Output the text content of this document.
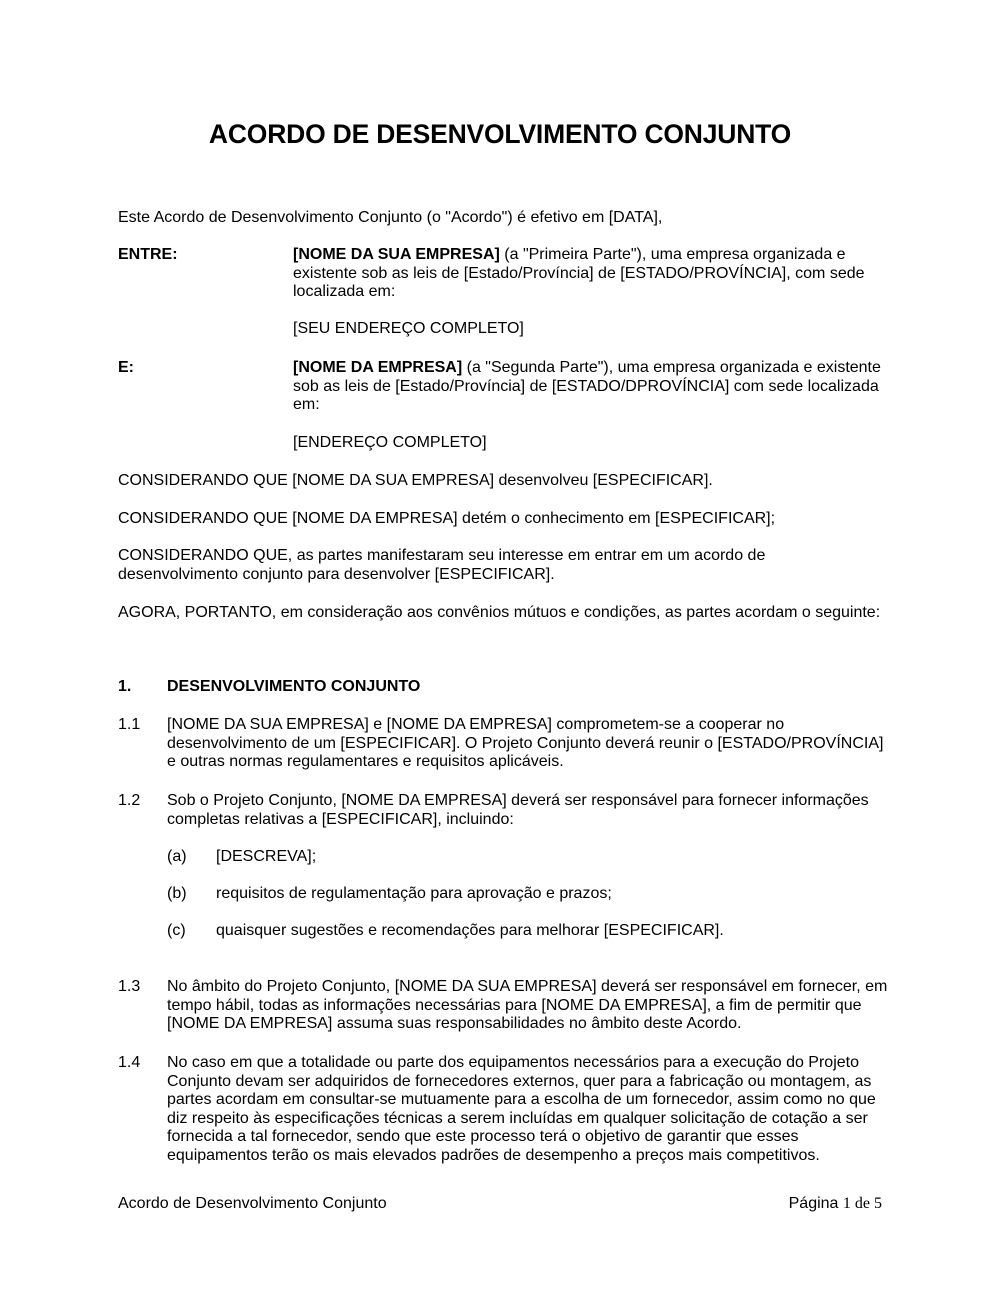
ACORDO DE DESENVOLVIMENTO CONJUNTO

Este Acordo de Desenvolvimento Conjunto (o "Acordo") é efetivo em [DATA],

ENTRE:	[NOME DA SUA EMPRESA] (a "Primeira Parte"), uma empresa organizada e existente sob as leis de [Estado/Província] de [ESTADO/PROVÍNCIA], com sede localizada em:

[SEU ENDEREÇO COMPLETO]

E:	[NOME DA EMPRESA] (a "Segunda Parte"), uma empresa organizada e existente sob as leis de [Estado/Província] de [ESTADO/DPROVÍNCIA] com sede localizada em:

[ENDEREÇO COMPLETO]

CONSIDERANDO QUE [NOME DA SUA EMPRESA] desenvolveu [ESPECIFICAR].

CONSIDERANDO QUE [NOME DA EMPRESA] detém o conhecimento em [ESPECIFICAR];

CONSIDERANDO QUE, as partes manifestaram seu interesse em entrar em um acordo de desenvolvimento conjunto para desenvolver [ESPECIFICAR].

AGORA, PORTANTO, em consideração aos convênios mútuos e condições, as partes acordam o seguinte:

1. DESENVOLVIMENTO CONJUNTO
1.1 [NOME DA SUA EMPRESA] e [NOME DA EMPRESA] comprometem-se a cooperar no desenvolvimento de um [ESPECIFICAR]. O Projeto Conjunto deverá reunir o [ESTADO/PROVÍNCIA] e outras normas regulamentares e requisitos aplicáveis.
1.2 Sob o Projeto Conjunto, [NOME DA EMPRESA] deverá ser responsável para fornecer informações completas relativas a [ESPECIFICAR], incluindo:
(a) [DESCREVA];
(b) requisitos de regulamentação para aprovação e prazos;
(c) quaisquer sugestões e recomendações para melhorar [ESPECIFICAR].
1.3 No âmbito do Projeto Conjunto, [NOME DA SUA EMPRESA] deverá ser responsável em fornecer, em tempo hábil, todas as informações necessárias para [NOME DA EMPRESA], a fim de permitir que [NOME DA EMPRESA] assuma suas responsabilidades no âmbito deste Acordo.
1.4 No caso em que a totalidade ou parte dos equipamentos necessários para a execução do Projeto Conjunto devam ser adquiridos de fornecedores externos, quer para a fabricação ou montagem, as partes acordam em consultar-se mutuamente para a escolha de um fornecedor, assim como no que diz respeito às especificações técnicas a serem incluídas em qualquer solicitação de cotação a ser fornecida a tal fornecedor, sendo que este processo terá o objetivo de garantir que esses equipamentos terão os mais elevados padrões de desempenho a preços mais competitivos.
Acordo de Desenvolvimento Conjunto	Página 1 de 5
